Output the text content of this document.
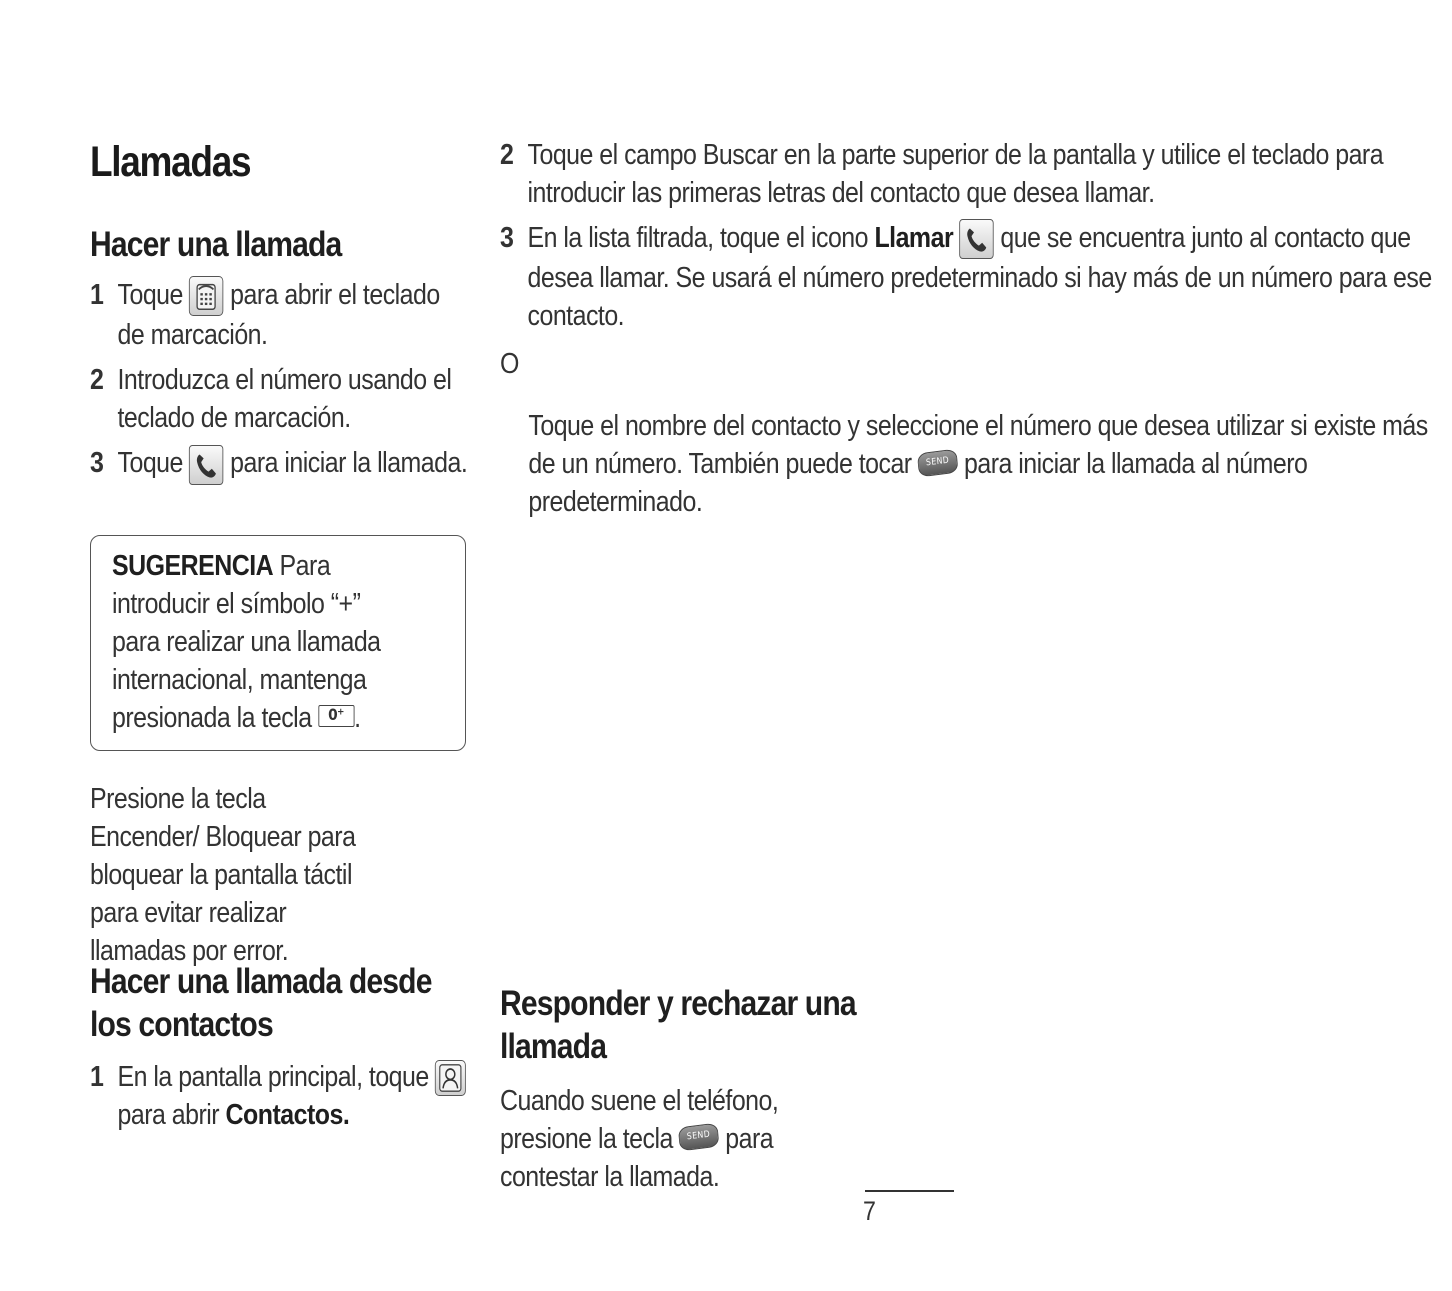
Llamadas
Hacer una llamada
1 Toque para abrir el teclado de marcación.
2 Introduzca el número usando el teclado de marcación.
3 Toque para iniciar la llamada.
SUGERENCIA Para introducir el símbolo “+” para realizar una llamada internacional, mantenga presionada la tecla 0⁺ .
Presione la tecla Encender/ Bloquear para bloquear la pantalla táctil para evitar realizar llamadas por error.
Hacer una llamada desde los contactos
1 En la pantalla principal, toque
para abrir Contactos.
2 Toque el campo Buscar en la parte superior de la pantalla y utilice el teclado para introducir las primeras letras del contacto que desea llamar.
3 En la lista filtrada, toque el icono Llamar que se encuentra junto al contacto que desea llamar. Se usará el número predeterminado si hay más de un número para ese contacto.
O
Toque el nombre del contacto y seleccione el número que desea utilizar si existe más de un número. También puede tocar SEND para iniciar la llamada al número predeterminado.
Responder y rechazar una llamada
Cuando suene el teléfono, presione la tecla SEND para contestar la llamada.
7
